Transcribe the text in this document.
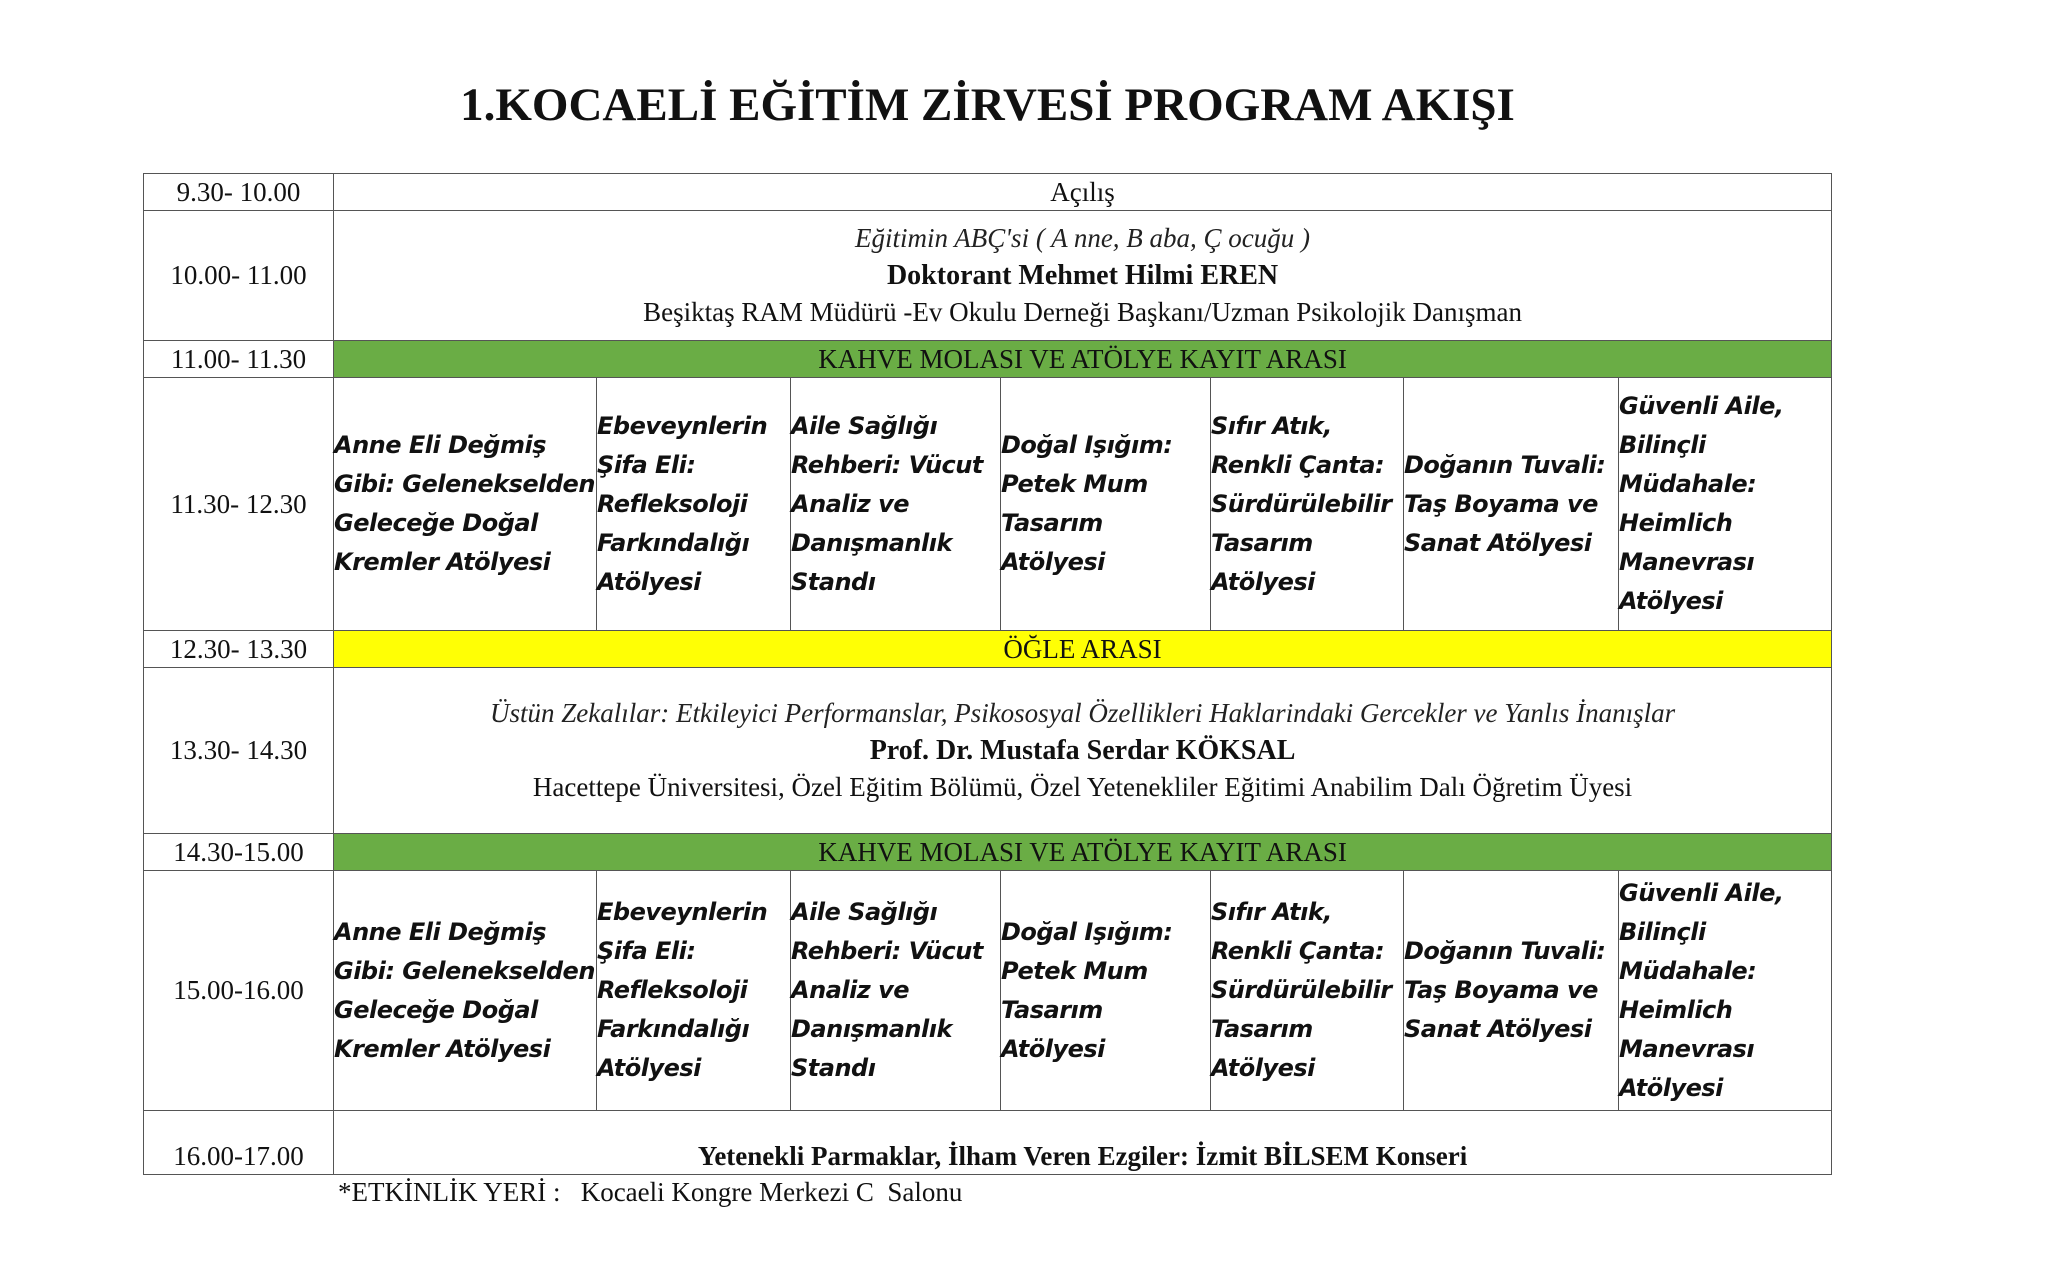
1.KOCAELİ EĞİTİM ZİRVESİ PROGRAM AKIŞI
9.30- 10.00	Açılış						
10.00- 11.00	Eğitimin ABÇ'si ( A nne, B aba, Ç ocuğu )
Doktorant Mehmet Hilmi EREN
Beşiktaş RAM Müdürü -Ev Okulu Derneği Başkanı/Uzman Psikolojik Danışman						

11.00- 11.30	KAHVE MOLASI VE ATÖLYE KAYIT ARASI						
11.30- 12.30	Anne Eli Değmiş Gibi: Gelenekselden Geleceğe Doğal Kremler Atölyesi	Ebeveynlerin Şifa Eli: Refleksoloji Farkındalığı Atölyesi	Aile Sağlığı Rehberi: Vücut Analiz ve Danışmanlık Standı	Doğal Işığım: Petek Mum Tasarım Atölyesi	Sıfır Atık, Renkli Çanta: Sürdürülebilir Tasarım Atölyesi	Doğanın Tuvali: Taş Boyama ve Sanat Atölyesi	Güvenli Aile, Bilinçli Müdahale: Heimlich Manevrası Atölyesi
12.30- 13.30	ÖĞLE ARASI						
13.30- 14.30	Üstün Zekalılar: Etkileyici Performanslar, Psikososyal Özellikleri Haklarindaki Gercekler ve Yanlıs İnanışlar
Prof. Dr. Mustafa Serdar KÖKSAL
Hacettepe Üniversitesi, Özel Eğitim Bölümü, Özel Yetenekliler Eğitimi Anabilim Dalı Öğretim Üyesi						

14.30-15.00	KAHVE MOLASI VE ATÖLYE KAYIT ARASI						
15.00-16.00	Anne Eli Değmiş Gibi: Gelenekselden Geleceğe Doğal Kremler Atölyesi	Ebeveynlerin Şifa Eli: Refleksoloji Farkındalığı Atölyesi	Aile Sağlığı Rehberi: Vücut Analiz ve Danışmanlık Standı	Doğal Işığım: Petek Mum Tasarım Atölyesi	Sıfır Atık, Renkli Çanta: Sürdürülebilir Tasarım Atölyesi	Doğanın Tuvali: Taş Boyama ve Sanat Atölyesi	Güvenli Aile, Bilinçli Müdahale: Heimlich Manevrası Atölyesi
16.00-17.00	Yetenekli Parmaklar, İlham Veren Ezgiler: İzmit BİLSEM Konseri						
*ETKİNLİK YERİ :   Kocaeli Kongre Merkezi C  Salonu
